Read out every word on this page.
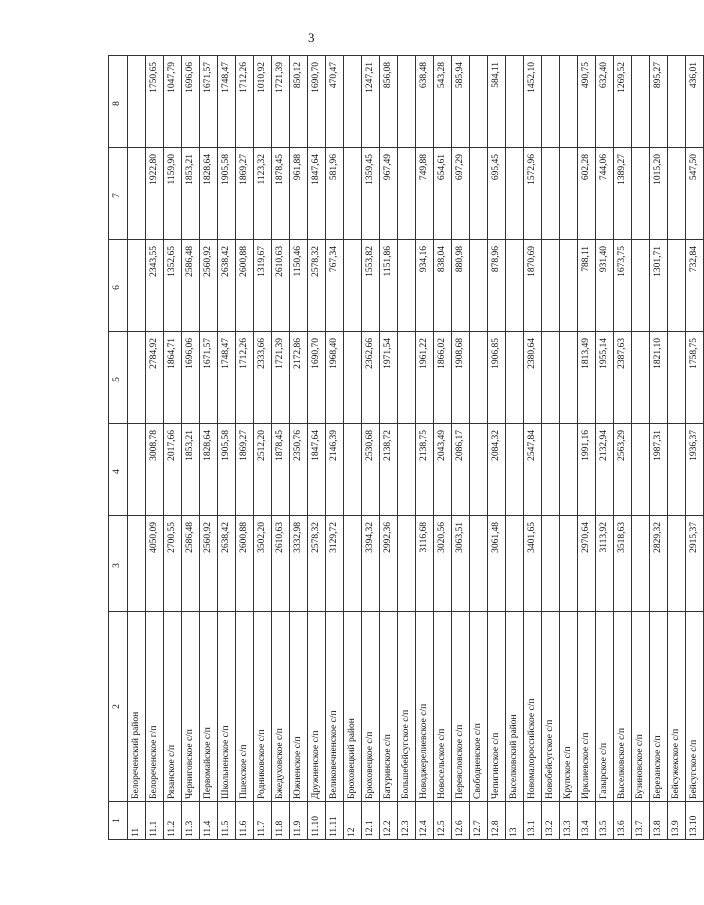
3
1	2	3	4	5	6	7	8
11	Белореченский район						
11.1	Белореченское г/п	4050,09	3008,78	2784,92	2343,55	1922,80	1750,65
11.2	Рязанское с/п	2700,55	2017,66	1864,71	1352,65	1159,90	1047,79
11.3	Черниговское с/п	2586,48	1853,21	1696,06	2586,48	1853,21	1696,06
11.4	Первомайское с/п	2560,92	1828,64	1671,57	2560,92	1828,64	1671,57
11.5	Школьненское с/п	2638,42	1905,58	1748,47	2638,42	1905,58	1748,47
11.6	Пшехское с/п	2600,88	1869,27	1712,26	2600,88	1869,27	1712,26
11.7	Родниковское с/п	3502,20	2512,20	2333,66	1319,67	1123,32	1010,92
11.8	Бжедуховское с/п	2610,63	1878,45	1721,39	2610,63	1878,45	1721,39
11.9	Южненское с/п	3332,98	2350,76	2172,86	1150,46	961,88	850,12
11.10	Дружненское с/п	2578,32	1847,64	1690,70	2578,32	1847,64	1690,70
11.11	Великовечненское с/п	3129,72	2146,39	1968,40	767,34	581,96	470,47
12	Брюховецкий район						
12.1	Брюховецкое с/п	3394,32	2530,68	2362,66	1553,82	1359,45	1247,21
12.2	Батуринское с/п	2992,36	2138,72	1971,54	1151,86	967,49	856,08
12.3	Большебейсугское с/п						
12.4	Новоджерелиевское с/п	3116,68	2138,75	1961,22	934,16	749,88	638,48
12.5	Новосельское с/п	3020,56	2043,49	1866,02	838,04	654,61	543,28
12.6	Переясловское с/п	3063,51	2086,17	1908,68	880,98	697,29	585,94
12.7	Свободненское с/п						
12.8	Чепигинское с/п	3061,48	2084,32	1906,85	878,96	695,45	584,11
13	Выселковский район						
13.1	Новомалороссийское с/п	3401,65	2547,84	2380,64	1870,69	1572,96	1452,10
13.2	Новобейсугское с/п						
13.3	Крупское с/п						
13.4	Ирклиевское с/п	2970,64	1991,16	1813,49	788,11	602,28	490,75
13.5	Газырское с/п	3113,92	2132,94	1955,14	931,40	744,06	632,40
13.6	Выселковское с/п	3518,63	2563,29	2387,63	1673,75	1389,27	1269,52
13.7	Бузиновское с/п						
13.8	Березанское с/п	2829,32	1987,31	1821,10	1301,71	1015,20	895,27
13.9	Бейсужекское с/п						
13.10	Бейсугское с/п	2915,37	1936,37	1758,75	732,84	547,50	436,01
